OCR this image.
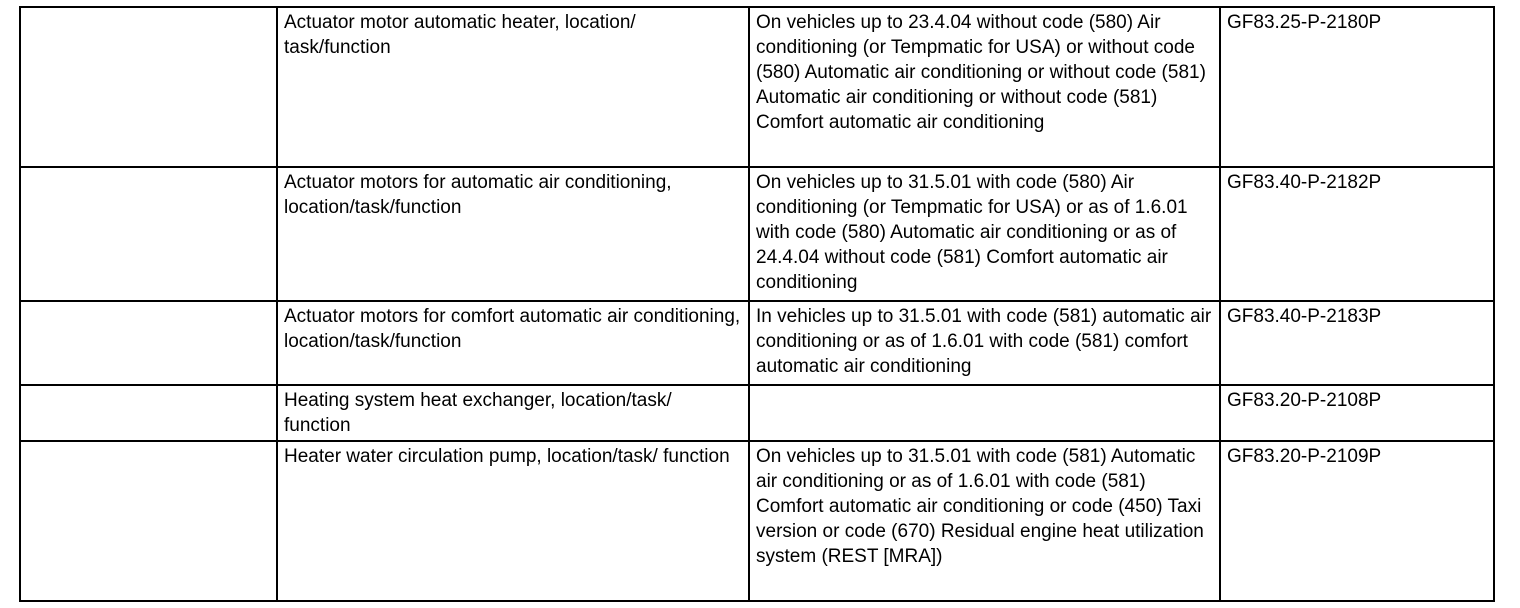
	Actuator motor automatic heater, location/ task/function	On vehicles up to 23.4.04 without code (580) Air conditioning (or Tempmatic for USA) or without code (580) Automatic air conditioning or without code (581) Automatic air conditioning or without code (581) Comfort automatic air conditioning	GF83.25-P-2180P
	Actuator motors for automatic air conditioning, location/task/function	On vehicles up to 31.5.01 with code (580) Air conditioning (or Tempmatic for USA) or as of 1.6.01 with code (580) Automatic air conditioning or as of 24.4.04 without code (581) Comfort automatic air conditioning	GF83.40-P-2182P
	Actuator motors for comfort automatic air conditioning, location/task/function	In vehicles up to 31.5.01 with code (581) automatic air conditioning or as of 1.6.01 with code (581) comfort automatic air conditioning	GF83.40-P-2183P
	Heating system heat exchanger, location/task/ function		GF83.20-P-2108P
	Heater water circulation pump, location/task/ function	On vehicles up to 31.5.01 with code (581) Automatic air conditioning or as of 1.6.01 with code (581) Comfort automatic air conditioning or code (450) Taxi version or code (670) Residual engine heat utilization system (REST [MRA])	GF83.20-P-2109P
